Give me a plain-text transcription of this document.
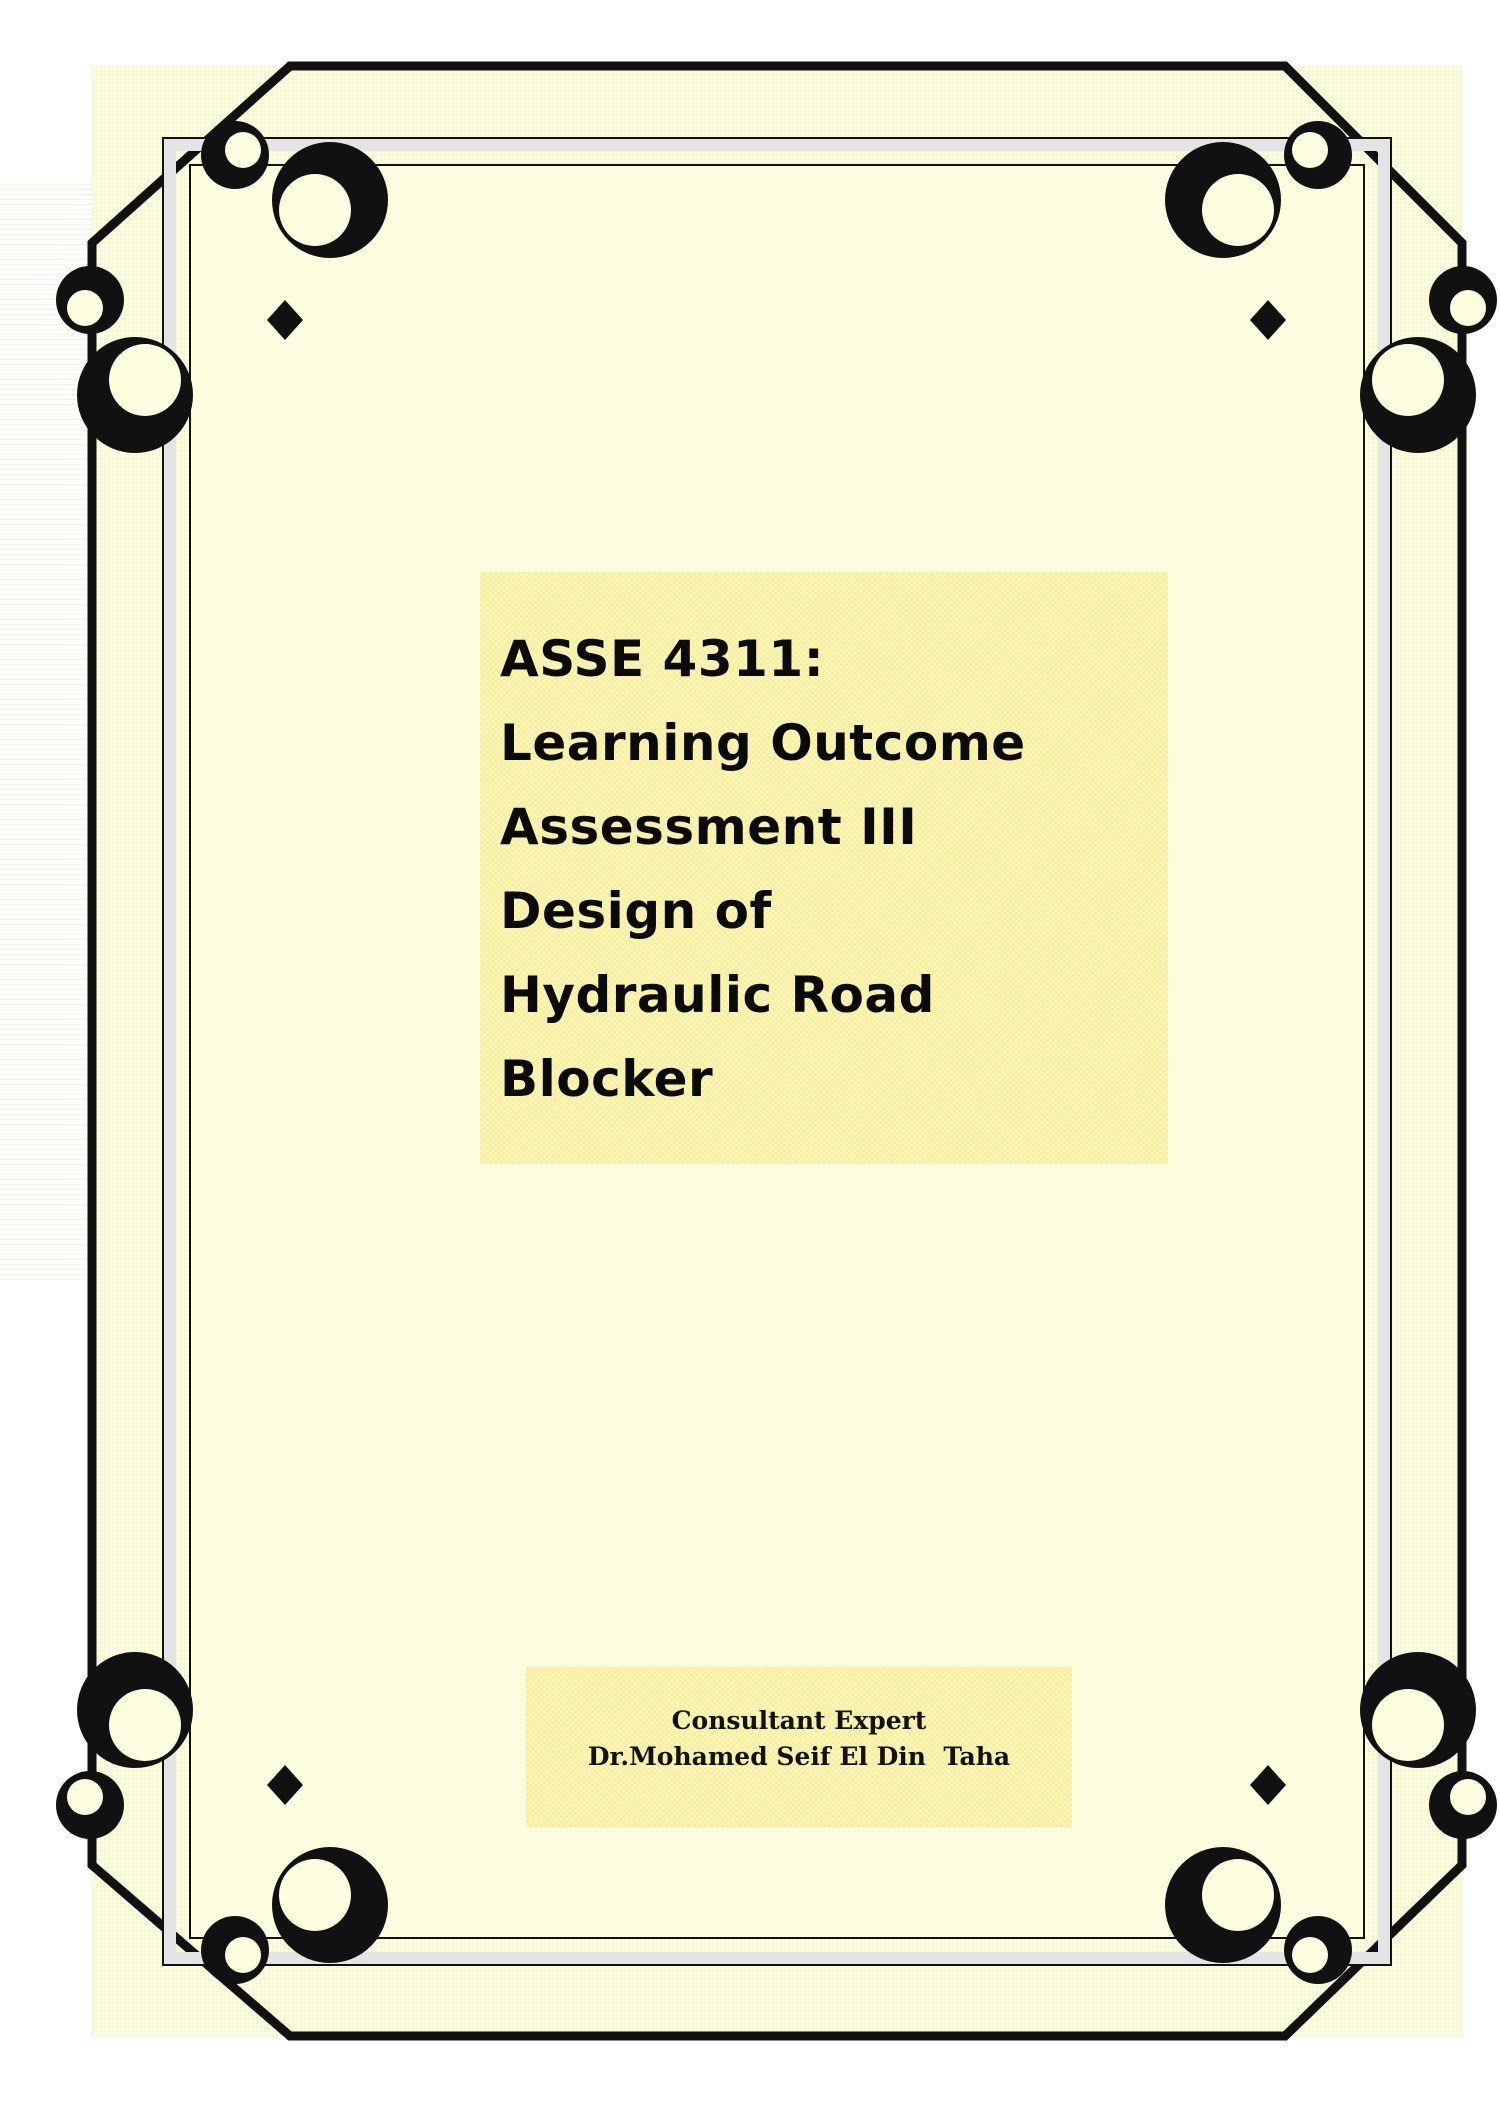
ASSE 4311:
Learning Outcome
Assessment III
Design of
Hydraulic Road
Blocker
Consultant Expert
Dr.Mohamed Seif El Din  Taha
